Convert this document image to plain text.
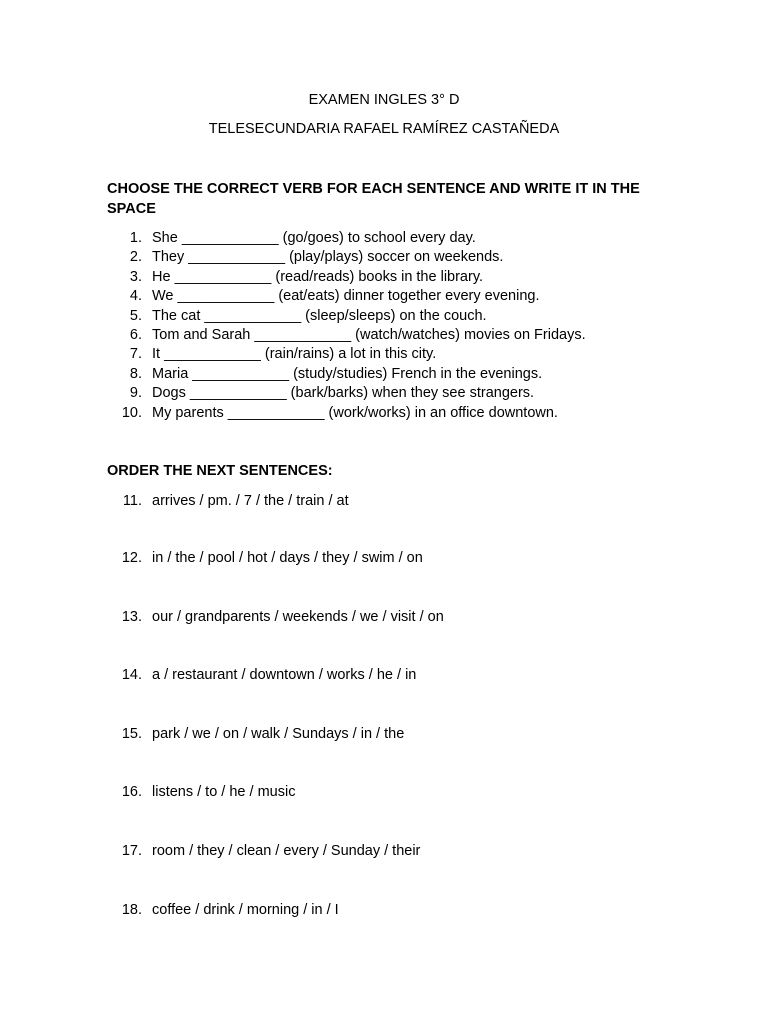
EXAMEN INGLES 3° D
TELESECUNDARIA RAFAEL RAMÍREZ CASTAÑEDA
CHOOSE THE CORRECT VERB FOR EACH SENTENCE AND WRITE IT IN THE SPACE
1. She ____________ (go/goes) to school every day.
2. They ____________ (play/plays) soccer on weekends.
3. He ____________ (read/reads) books in the library.
4. We ____________ (eat/eats) dinner together every evening.
5. The cat ____________ (sleep/sleeps) on the couch.
6. Tom and Sarah ____________ (watch/watches) movies on Fridays.
7. It ____________ (rain/rains) a lot in this city.
8. Maria ____________ (study/studies) French in the evenings.
9. Dogs ____________ (bark/barks) when they see strangers.
10. My parents ____________ (work/works) in an office downtown.
ORDER THE NEXT SENTENCES:
11. arrives / pm. / 7 / the / train / at
12. in / the / pool / hot / days / they / swim / on
13. our / grandparents / weekends / we / visit / on
14. a / restaurant / downtown / works / he / in
15. park / we / on / walk / Sundays / in / the
16. listens / to / he / music
17. room / they / clean / every / Sunday / their
18. coffee / drink / morning / in / I
